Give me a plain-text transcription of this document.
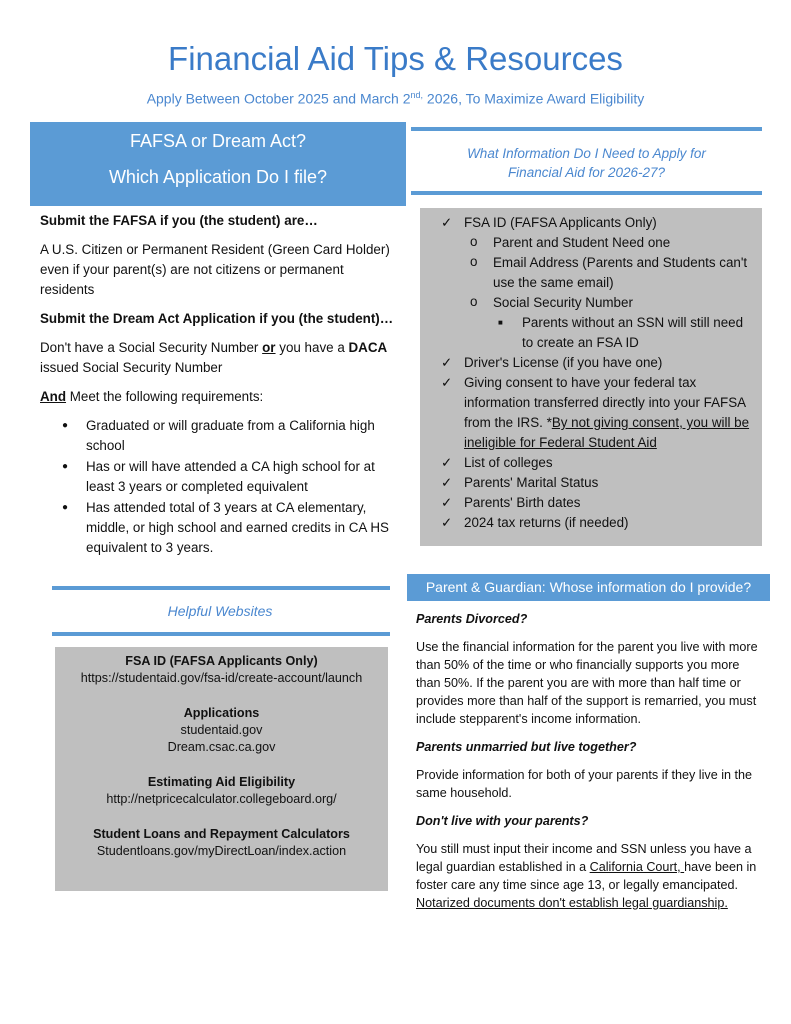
Financial Aid Tips & Resources
Apply Between October 2025 and March $2^{nd,}$ 2026, To Maximize Award Eligibility
FAFSA or Dream Act?
Which Application Do I file?

Submit the FAFSA if you (the student) are…

A U.S. Citizen or Permanent Resident (Green Card Holder) even if your parent(s) are not citizens or permanent residents

Submit the Dream Act Application if you (the student)…

Don't have a Social Security Number or you have a DACA issued Social Security Number

And Meet the following requirements:

● Graduated or will graduate from a California high school
● Has or will have attended a CA high school for at least 3 years or completed equivalent
● Has attended total of 3 years at CA elementary, middle, or high school and earned credits in CA HS equivalent to 3 years.
Helpful Websites
FSA ID (FAFSA Applicants Only)
https://studentaid.gov/fsa-id/create-account/launch
Applications
studentaid.gov
Dream.csac.ca.gov
Estimating Aid Eligibility
http://netpricecalculator.collegeboard.org/
Student Loans and Repayment Calculators
Studentloans.gov/myDirectLoan/index.action
What Information Do I Need to Apply for
Financial Aid for 2026-27?
✓ FSA ID (FAFSA Applicants Only)
o Parent and Student Need one
o Email Address (Parents and Students can't use the same email)
o Social Security Number
■ Parents without an SSN will still need to create an FSA ID
✓ Driver's License (if you have one)
✓ Giving consent to have your federal tax information transferred directly into your FAFSA from the IRS. *By not giving consent, you will be ineligible for Federal Student Aid
✓ List of colleges
✓ Parents' Marital Status
✓ Parents' Birth dates
✓ 2024 tax returns (if needed)
Parent & Guardian: Whose information do I provide?

Parents Divorced?

Use the financial information for the parent you live with more than 50% of the time or who financially supports you more than 50%. If the parent you are with more than half time or provides more than half of the support is remarried, you must include stepparent's income information.

Parents unmarried but live together?

Provide information for both of your parents if they live in the same household.

Don't live with your parents?

You still must input their income and SSN unless you have a legal guardian established in a California Court, have been in foster care any time since age 13, or legally emancipated. Notarized documents don't establish legal guardianship.
